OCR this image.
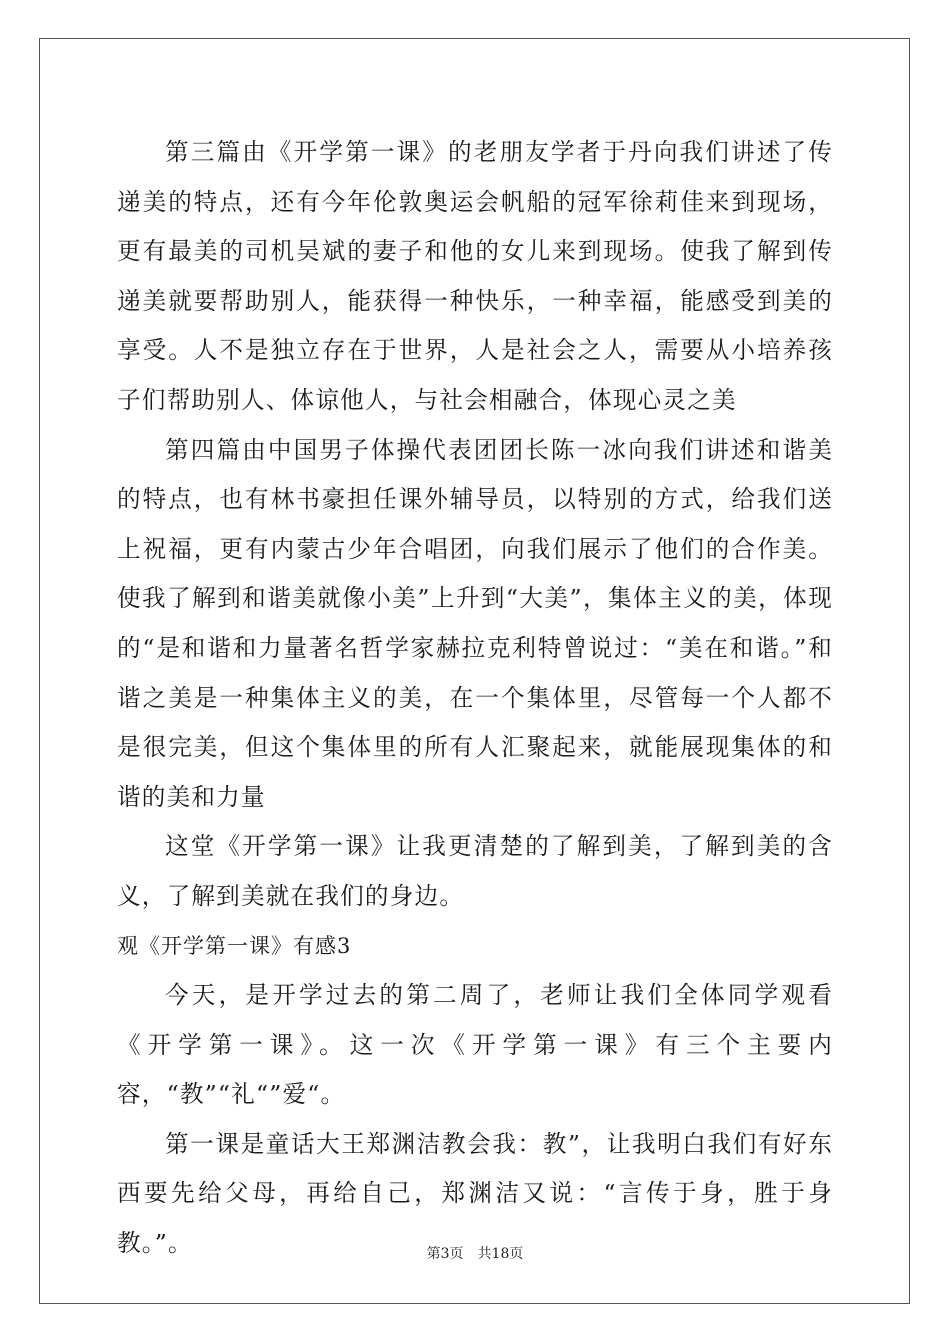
第三篇由《开学第一课》的老朋友学者于丹向我们讲述了传递美的特点，还有今年伦敦奥运会帆船的冠军徐莉佳来到现场，更有最美的司机吴斌的妻子和他的女儿来到现场。使我了解到传递美就要帮助别人，能获得一种快乐，一种幸福，能感受到美的享受。人不是独立存在于世界，人是社会之人，需要从小培养孩子们帮助别人、体谅他人，与社会相融合，体现心灵之美

第四篇由中国男子体操代表团团长陈一冰向我们讲述和谐美的特点，也有林书豪担任课外辅导员，以特别的方式，给我们送上祝福，更有内蒙古少年合唱团，向我们展示了他们的合作美。使我了解到和谐美就像小美”上升到“大美”，集体主义的美，体现的“是和谐和力量著名哲学家赫拉克利特曾说过：“美在和谐。”和谐之美是一种集体主义的美，在一个集体里，尽管每一个人都不是很完美，但这个集体里的所有人汇聚起来，就能展现集体的和谐的美和力量

这堂《开学第一课》让我更清楚的了解到美，了解到美的含义，了解到美就在我们的身边。

观《开学第一课》有感3

今天，是开学过去的第二周了，老师让我们全体同学观看《开学第一课》。这一次《开学第一课》有三个主要内容，“教”“礼“”爱“。

第一课是童话大王郑渊洁教会我：教”，让我明白我们有好东西要先给父母，再给自己，郑渊洁又说：“言传于身，胜于身教。”。	第3页 共18页
